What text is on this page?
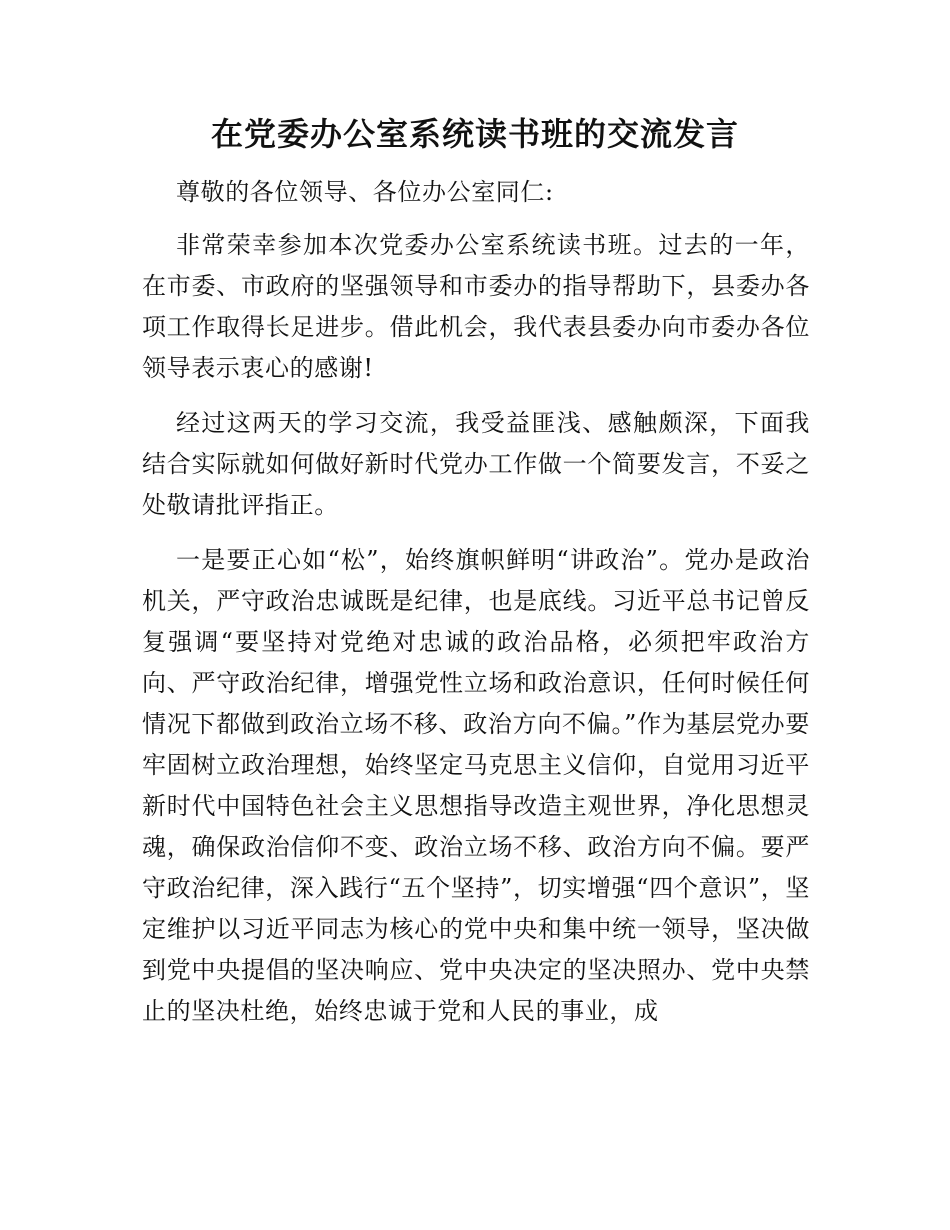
在党委办公室系统读书班的交流发言

尊敬的各位领导、各位办公室同仁:

非常荣幸参加本次党委办公室系统读书班。过去的一年，在市委、市政府的坚强领导和市委办的指导帮助下，县委办各项工作取得长足进步。借此机会，我代表县委办向市委办各位领导表示衷心的感谢!

经过这两天的学习交流，我受益匪浅、感触颇深，下面我结合实际就如何做好新时代党办工作做一个简要发言，不妥之处敬请批评指正。

一是要正心如“松”，始终旗帜鲜明“讲政治”。党办是政治机关，严守政治忠诚既是纪律，也是底线。习近平总书记曾反复强调“要坚持对党绝对忠诚的政治品格，必须把牢政治方向、严守政治纪律，增强党性立场和政治意识，任何时候任何情况下都做到政治立场不移、政治方向不偏。”作为基层党办要牢固树立政治理想，始终坚定马克思主义信仰，自觉用习近平新时代中国特色社会主义思想指导改造主观世界，净化思想灵魂，确保政治信仰不变、政治立场不移、政治方向不偏。要严守政治纪律，深入践行“五个坚持”，切实增强“四个意识”，坚定维护以习近平同志为核心的党中央和集中统一领导，坚决做到党中央提倡的坚决响应、党中央决定的坚决照办、党中央禁止的坚决杜绝，始终忠诚于党和人民的事业，成
